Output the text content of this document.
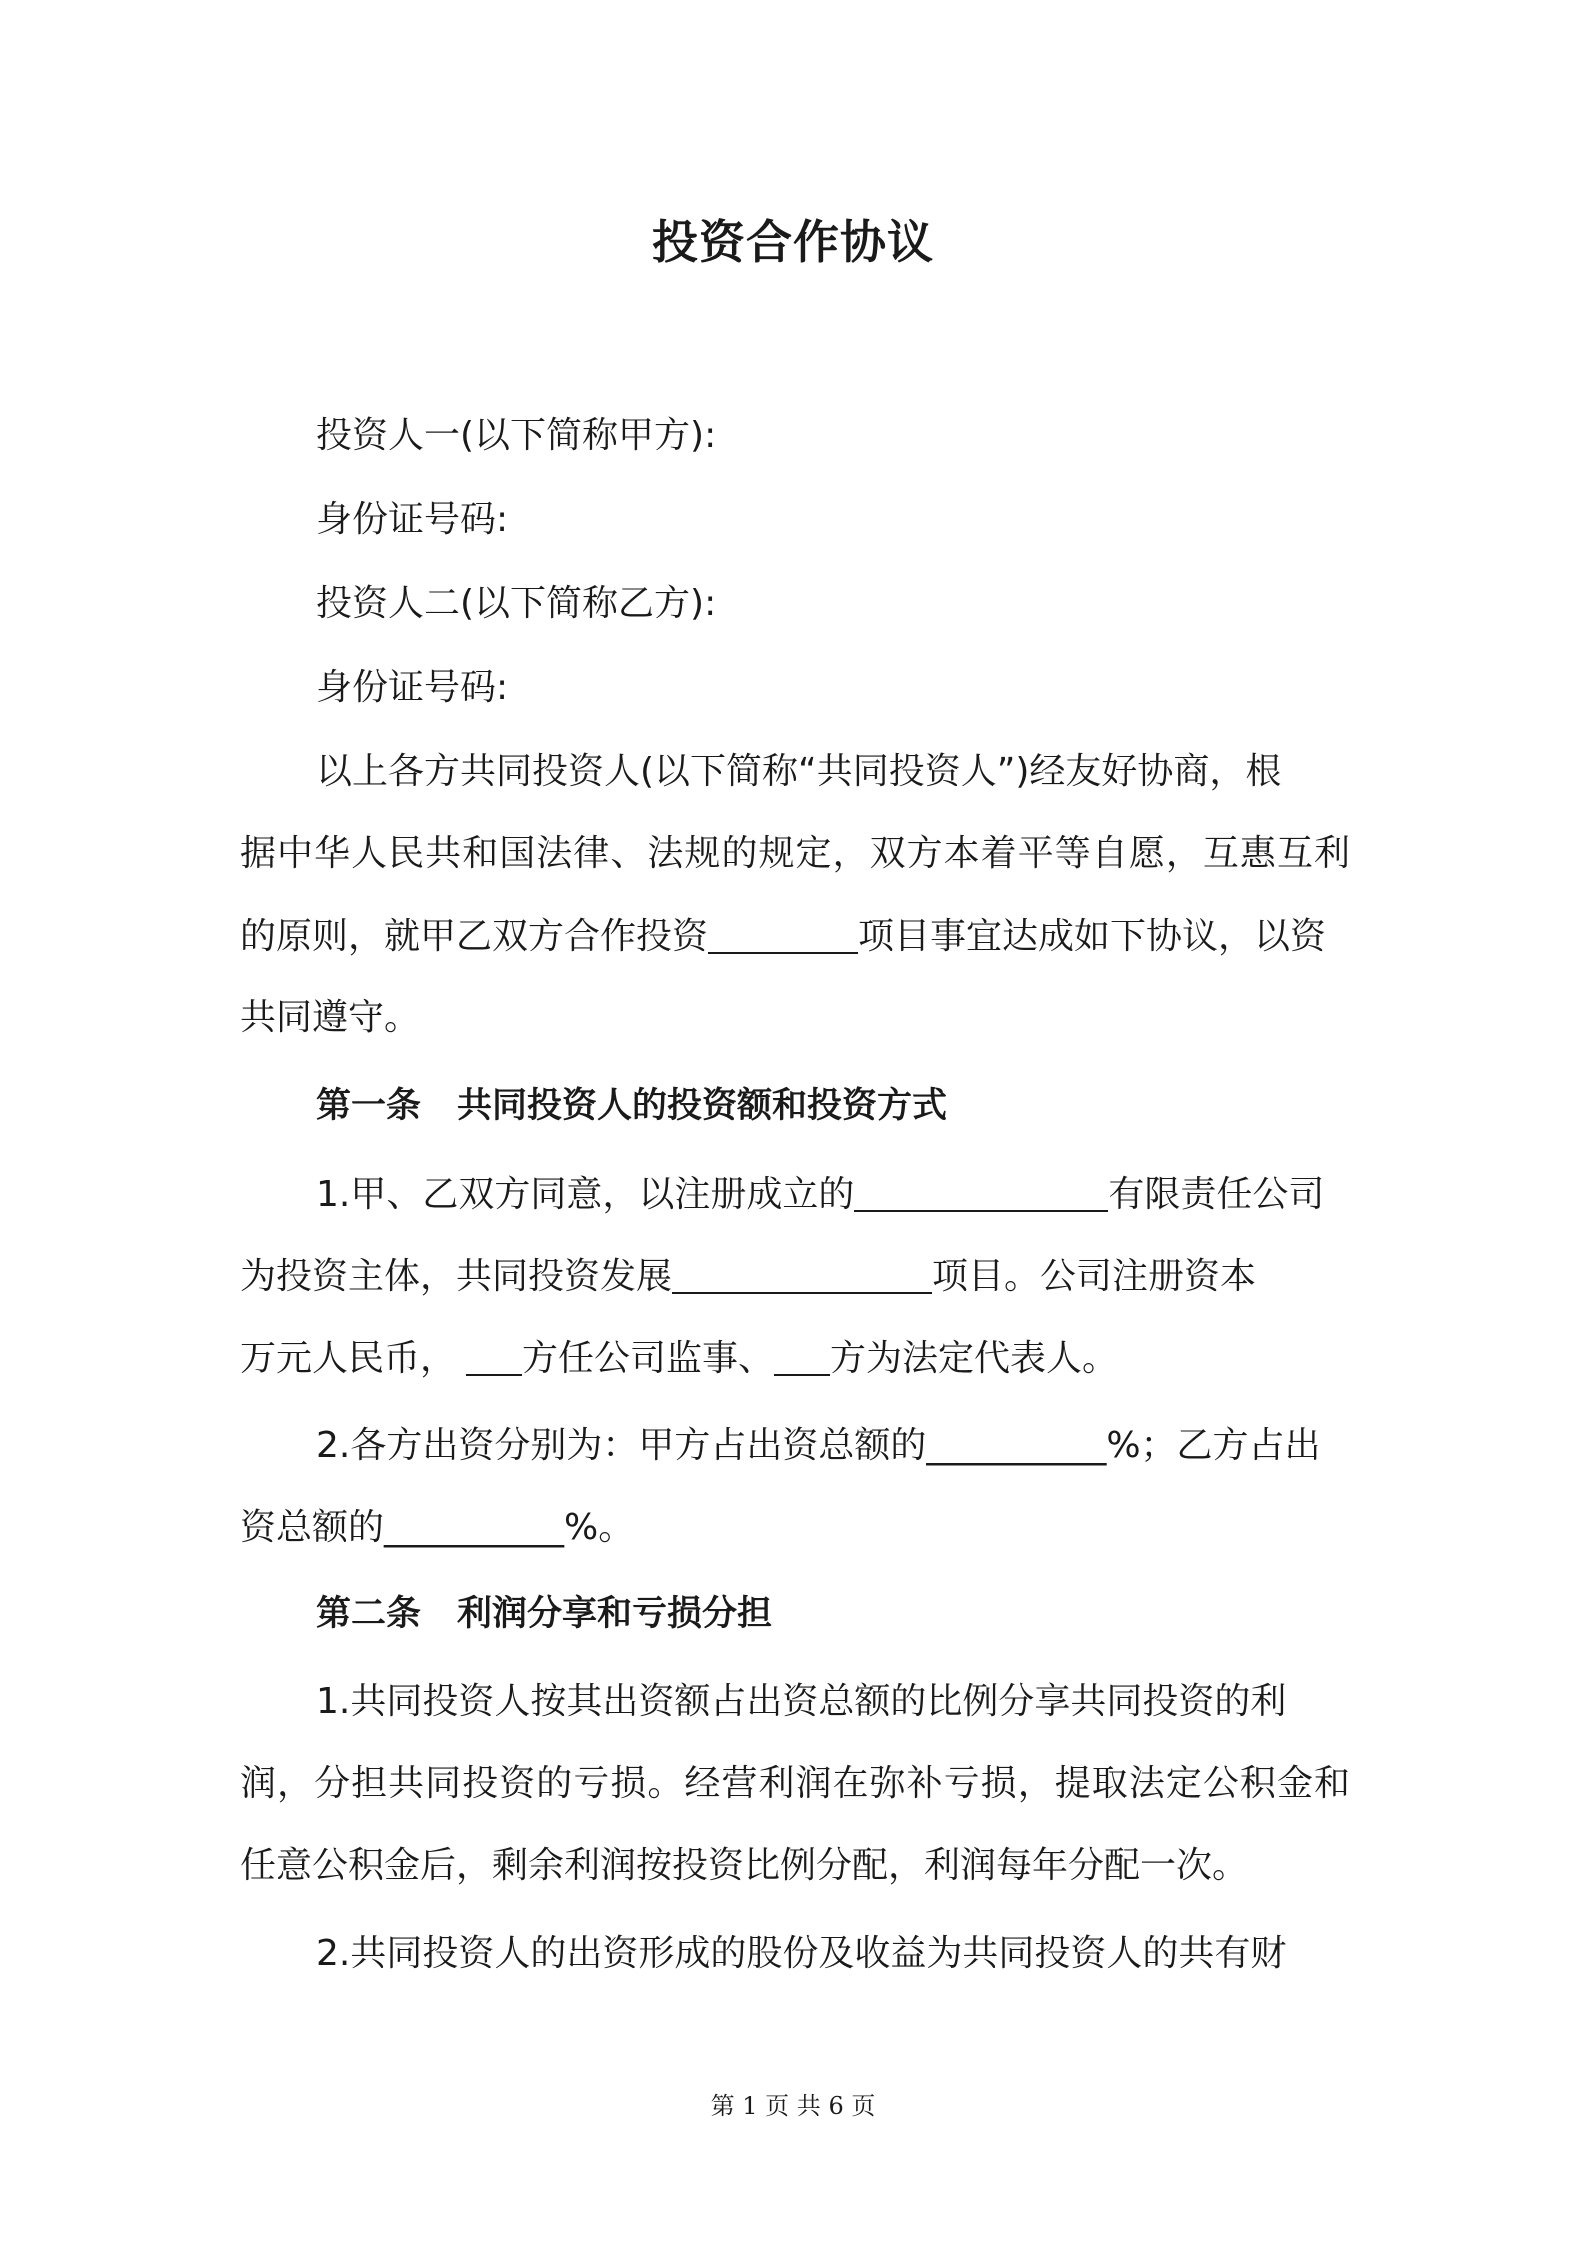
投资合作协议
投资人一(以下简称甲方):
身份证号码:
投资人二(以下简称乙方):
身份证号码:
以上各方共同投资人(以下简称“共同投资人”)经友好协商，根
据中华人民共和国法律、法规的规定，双方本着平等自愿，互惠互利
的原则，就甲乙双方合作投资	项目事宜达成如下协议，以资
共同遵守。
第一条 共同投资人的投资额和投资方式
1.甲、乙双方同意，以注册成立的	有限责任公司
为投资主体，共同投资发展	项目。公司注册资本
万元人民币， 方任公司监事、 方为法定代表人。
2.各方出资分别为：甲方占出资总额的__________%；乙方占出
资总额的__________%。
第二条 利润分享和亏损分担
1.共同投资人按其出资额占出资总额的比例分享共同投资的利
润，分担共同投资的亏损。经营利润在弥补亏损，提取法定公积金和
任意公积金后，剩余利润按投资比例分配，利润每年分配一次。
2.共同投资人的出资形成的股份及收益为共同投资人的共有财
第 1 页 共 6 页
